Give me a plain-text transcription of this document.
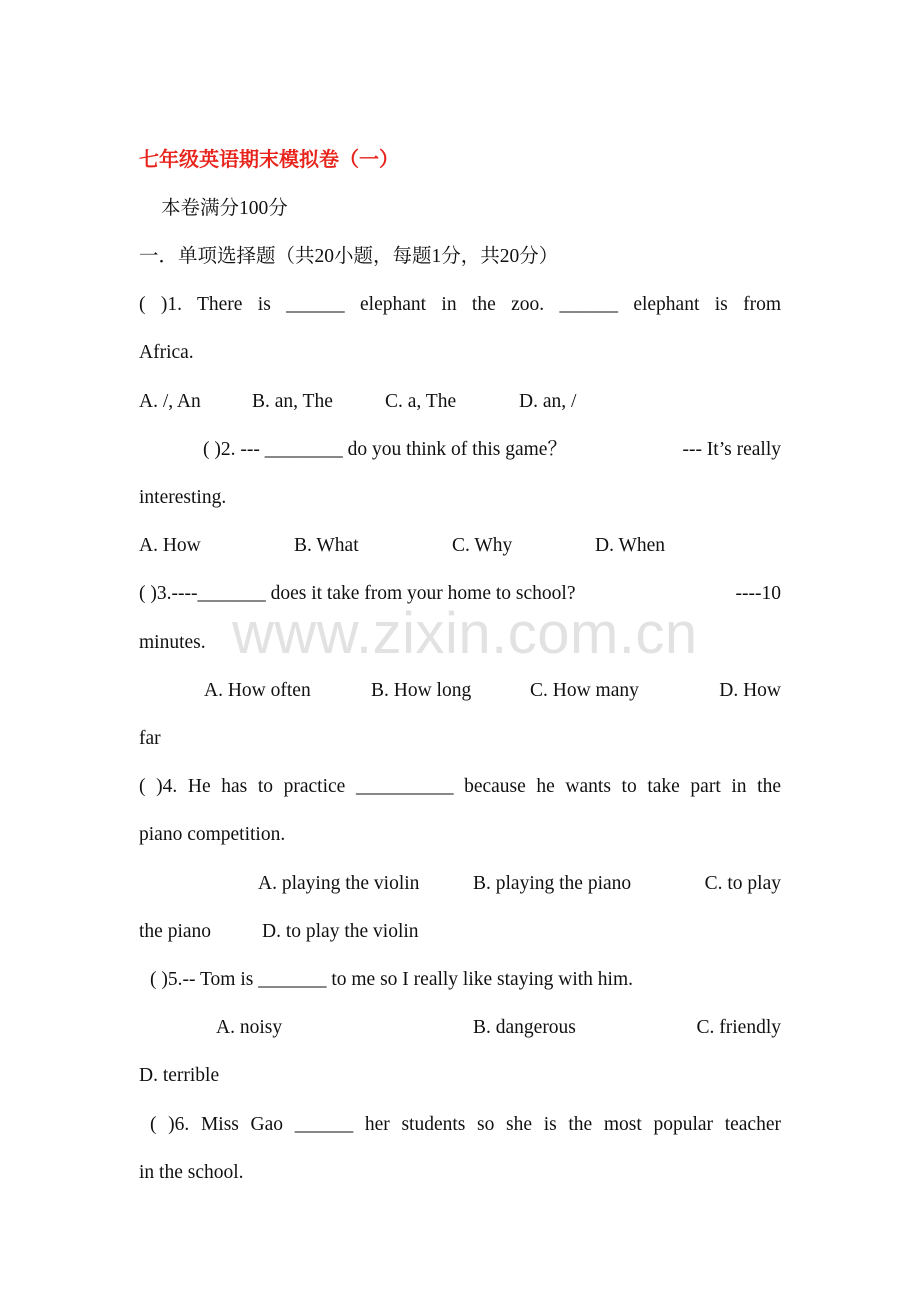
七年级英语期末模拟卷（一）
本卷满分100分
一．单项选择题（共20小题，每题1分，共20分）
( )1. There is ______ elephant in the zoo. ______ elephant is from
Africa.
A. /, An	B. an, The	C. a, The	D. an, /
( )2. --- ________ do you think of this game？	--- It’s really
interesting.
A. How	B. What	C. Why	D. When
( )3.----_______ does it take from your home to school?	----10
minutes.
A. How often	B. How long	C. How many	D. How
far
( )4. He has to practice __________ because he wants to take part in the
piano competition.
A. playing the violin	B. playing the piano	C. to play
the piano	D. to play the violin
( )5.-- Tom is _______ to me so I really like staying with him.
A. noisy	B. dangerous	C. friendly
D. terrible
( )6. Miss Gao ______ her students so she is the most popular teacher
in the school.
www.zixin.com.cn
